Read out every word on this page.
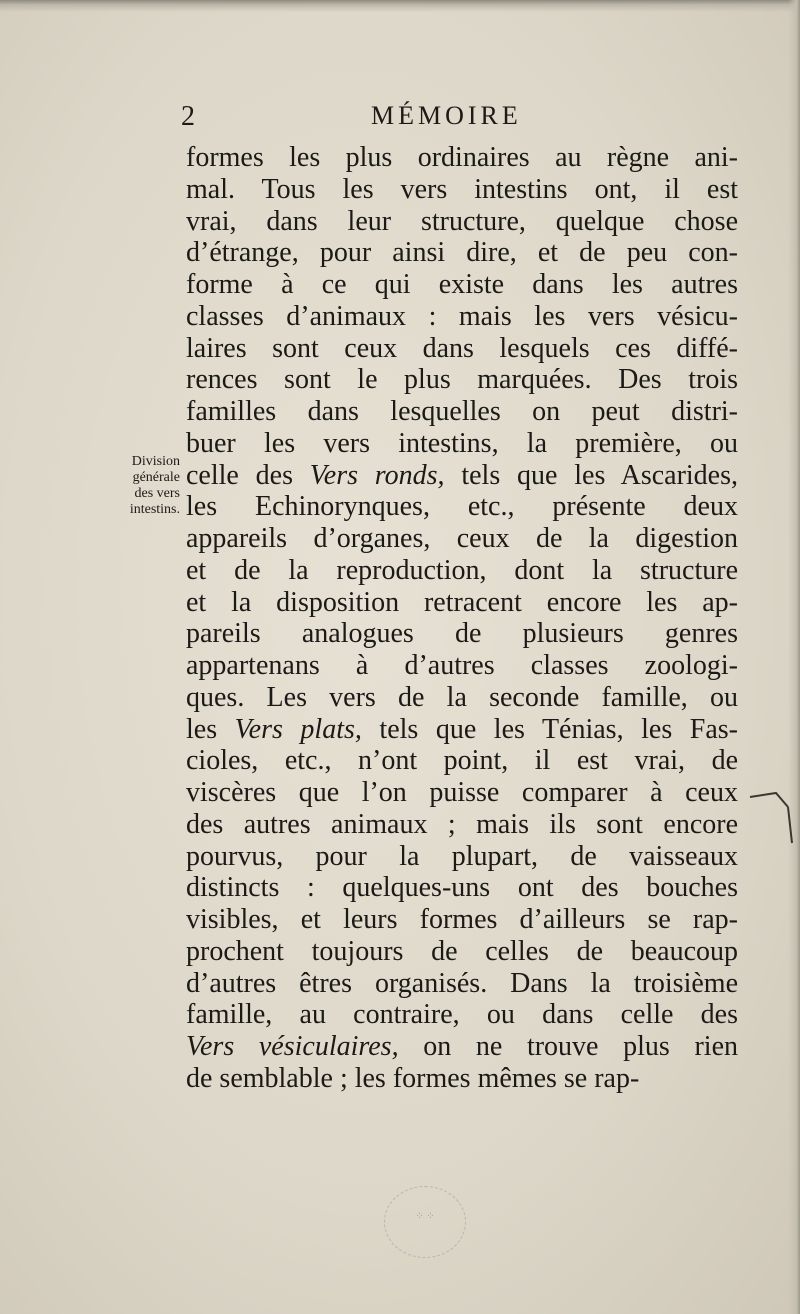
2	MÉMOIRE
Division
générale
des vers
intestins.
formes les plus ordinaires au règne ani-
mal. Tous les vers intestins ont, il est
vrai, dans leur structure, quelque chose
d’étrange, pour ainsi dire, et de peu con-
forme à ce qui existe dans les autres
classes d’animaux : mais les vers vésicu-
laires sont ceux dans lesquels ces diffé-
rences sont le plus marquées. Des trois
familles dans lesquelles on peut distri-
buer les vers intestins, la première, ou
celle des Vers ronds, tels que les Ascarides,
les Echinorynques, etc., présente deux
appareils d’organes, ceux de la digestion
et de la reproduction, dont la structure
et la disposition retracent encore les ap-
pareils analogues de plusieurs genres
appartenans à d’autres classes zoologi-
ques. Les vers de la seconde famille, ou
les Vers plats, tels que les Ténias, les Fas-
cioles, etc., n’ont point, il est vrai, de
viscères que l’on puisse comparer à ceux
des autres animaux ; mais ils sont encore
pourvus, pour la plupart, de vaisseaux
distincts : quelques-uns ont des bouches
visibles, et leurs formes d’ailleurs se rap-
prochent toujours de celles de beaucoup
d’autres êtres organisés. Dans la troisième
famille, au contraire, ou dans celle des
Vers vésiculaires, on ne trouve plus rien
de semblable ; les formes mêmes se rap-
⁘ ⁘
